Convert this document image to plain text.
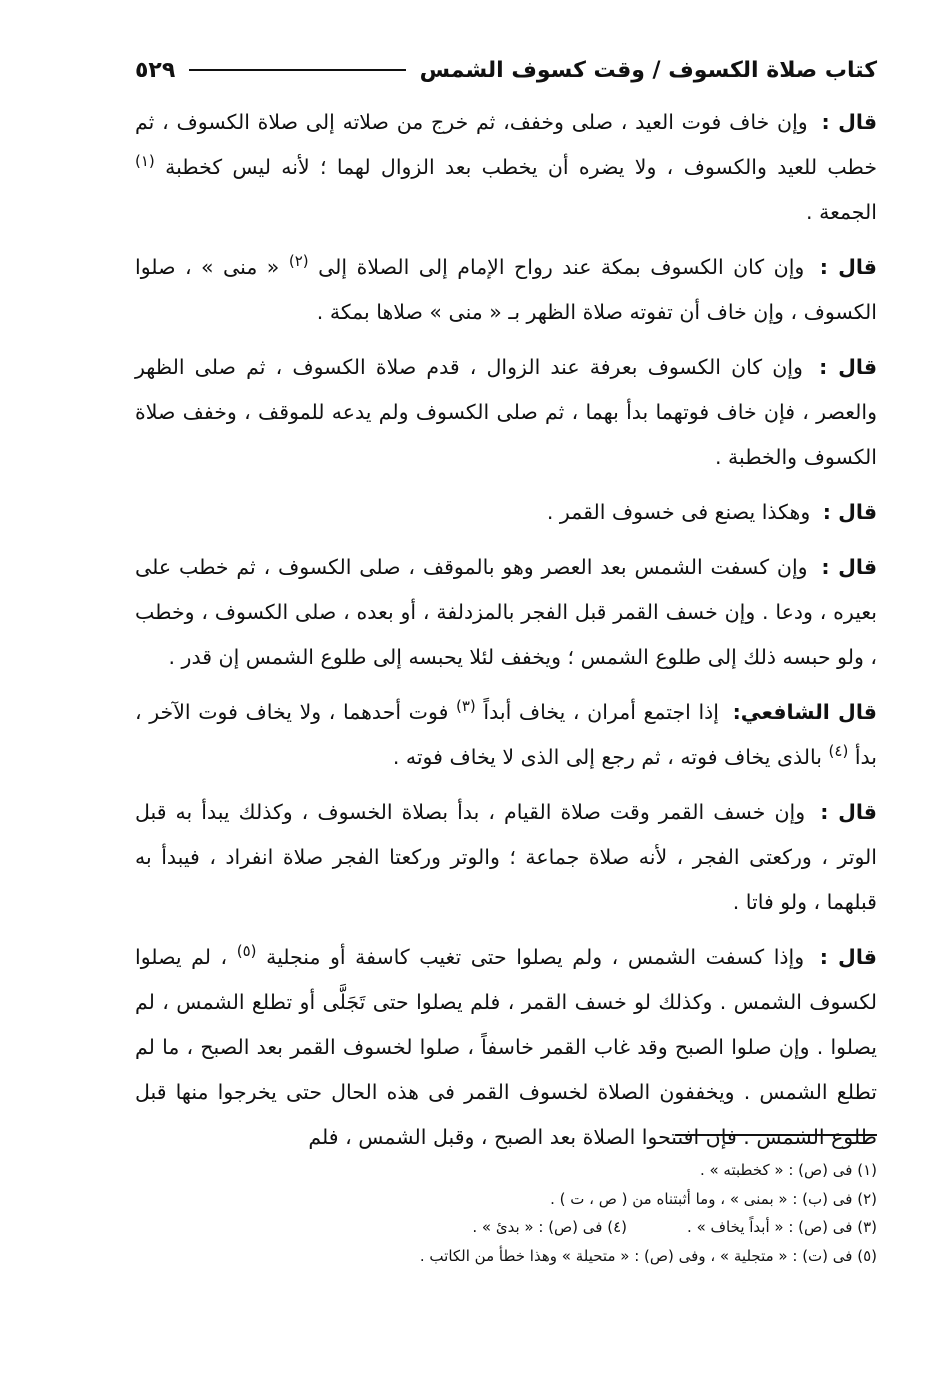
كتاب صلاة الكسوف / وقت كسوف الشمس
٥٢٩

قال : وإن خاف فوت العيد ، صلى وخفف، ثم خرج من صلاته إلى صلاة الكسوف ، ثم خطب للعيد والكسوف ، ولا يضره أن يخطب بعد الزوال لهما ؛ لأنه ليس كخطبة $^{(١)}$ الجمعة .

قال : وإن كان الكسوف بمكة عند رواح الإمام إلى الصلاة إلى $^{(٢)}$ « منى » ، صلوا الكسوف ، وإن خاف أن تفوته صلاة الظهر بـ « منى » صلاها بمكة .

قال : وإن كان الكسوف بعرفة عند الزوال ، قدم صلاة الكسوف ، ثم صلى الظهر والعصر ، فإن خاف فوتهما بدأ بهما ، ثم صلى الكسوف ولم يدعه للموقف ، وخفف صلاة الكسوف والخطبة .

قال : وهكذا يصنع فى خسوف القمر .

قال : وإن كسفت الشمس بعد العصر وهو بالموقف ، صلى الكسوف ، ثم خطب على بعيره ، ودعا . وإن خسف القمر قبل الفجر بالمزدلفة ، أو بعده ، صلى الكسوف ، وخطب ، ولو حبسه ذلك إلى طلوع الشمس ؛ ويخفف لئلا يحبسه إلى طلوع الشمس إن قدر .

قال الشافعي: إذا اجتمع أمران ، يخاف أبداً $^{(٣)}$ فوت أحدهما ، ولا يخاف فوت الآخر ، بدأ $^{(٤)}$ بالذى يخاف فوته ، ثم رجع إلى الذى لا يخاف فوته .

قال : وإن خسف القمر وقت صلاة القيام ، بدأ بصلاة الخسوف ، وكذلك يبدأ به قبل الوتر ، وركعتى الفجر ، لأنه صلاة جماعة ؛ والوتر وركعتا الفجر صلاة انفراد ، فيبدأ به قبلهما ، ولو فاتا .

قال : وإذا كسفت الشمس ، ولم يصلوا حتى تغيب كاسفة أو منجلية $^{(٥)}$ ، لم يصلوا لكسوف الشمس . وكذلك لو خسف القمر ، فلم يصلوا حتى تَجَلَّى أو تطلع الشمس ، لم يصلوا . وإن صلوا الصبح وقد غاب القمر خاسفاً ، صلوا لخسوف القمر بعد الصبح ، ما لم تطلع الشمس . ويخففون الصلاة لخسوف القمر فى هذه الحال حتى يخرجوا منها قبل طلوع الشمس . فإن افتتحوا الصلاة بعد الصبح ، وقبل الشمس ، فلم

(١) فى (ص) : « كخطبته » .
(٢) فى (ب) : « بمنى » ، وما أثبتناه من ( ص ، ت ) .
(٣) فى (ص) : « أبداً يخاف » .
(٤) فى (ص) : « بدئ » .
(٥) فى (ت) : « متجلية » ، وفى (ص) : « متحيلة » وهذا خطأ من الكاتب .
